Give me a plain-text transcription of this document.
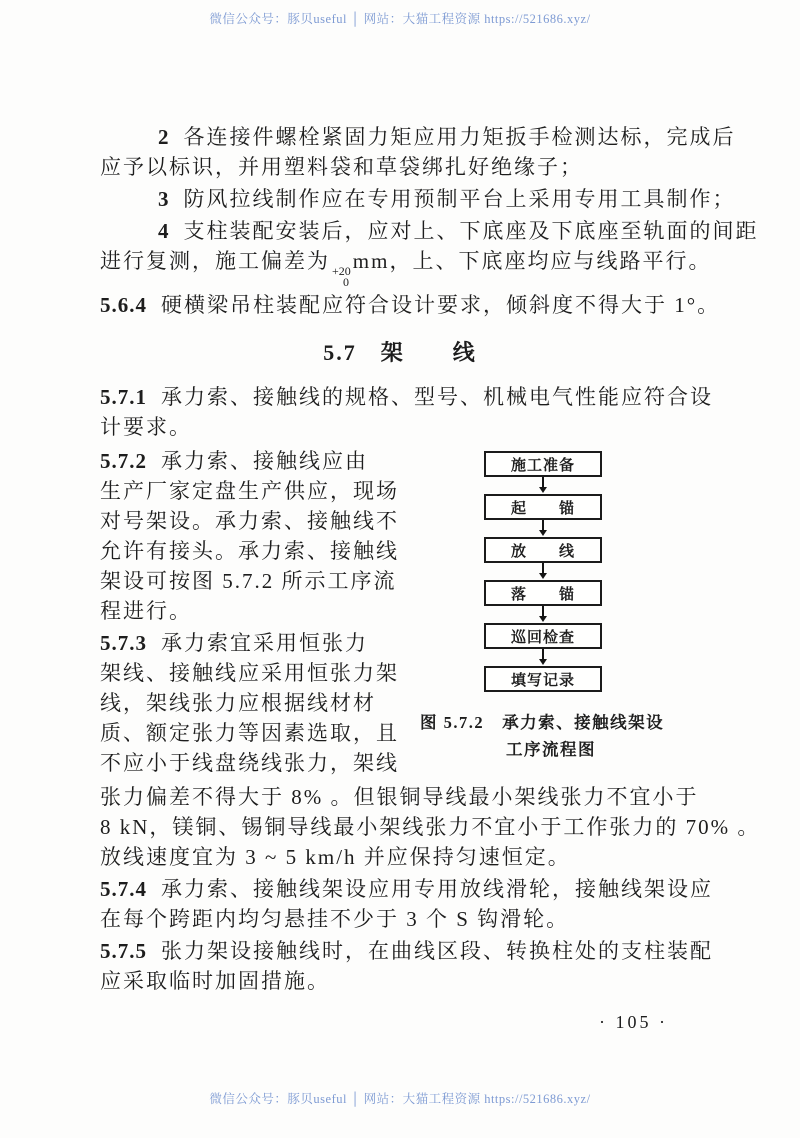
微信公众号：豚贝useful │ 网站：大猫工程资源 https://521686.xyz/

2 各连接件螺栓紧固力矩应用力矩扳手检测达标，完成后
应予以标识，并用塑料袋和草袋绑扎好绝缘子；

3 防风拉线制作应在专用预制平台上采用专用工具制作；

4 支柱装配安装后，应对上、下底座及下底座至轨面的间距
进行复测，施工偏差为 +20
0
mm，上、下底座均应与线路平行。

5.6.4 硬横梁吊柱装配应符合设计要求，倾斜度不得大于 1°。

5.7　架　　线

5.7.1 承力索、接触线的规格、型号、机械电气性能应符合设
计要求。

5.7.2 承力索、接触线应由
生产厂家定盘生产供应，现场
对号架设。承力索、接触线不
允许有接头。承力索、接触线
架设可按图 5.7.2 所示工序流
程进行。

5.7.3 承力索宜采用恒张力
架线、接触线应采用恒张力架
线，架线张力应根据线材材
质、额定张力等因素选取，且
不应小于线盘绕线张力，架线

施工准备
起　　锚
放　　线
落　　锚
巡回检查
填写记录
图 5.7.2　承力索、接触线架设
工序流程图

张力偏差不得大于 8% 。但银铜导线最小架线张力不宜小于
8 kN，镁铜、锡铜导线最小架线张力不宜小于工作张力的 70% 。
放线速度宜为 3 ~ 5 km/h 并应保持匀速恒定。

5.7.4 承力索、接触线架设应用专用放线滑轮，接触线架设应
在每个跨距内均匀悬挂不少于 3 个 S 钩滑轮。

5.7.5 张力架设接触线时，在曲线区段、转换柱处的支柱装配
应采取临时加固措施。

· 105 ·
微信公众号：豚贝useful │ 网站：大猫工程资源 https://521686.xyz/
